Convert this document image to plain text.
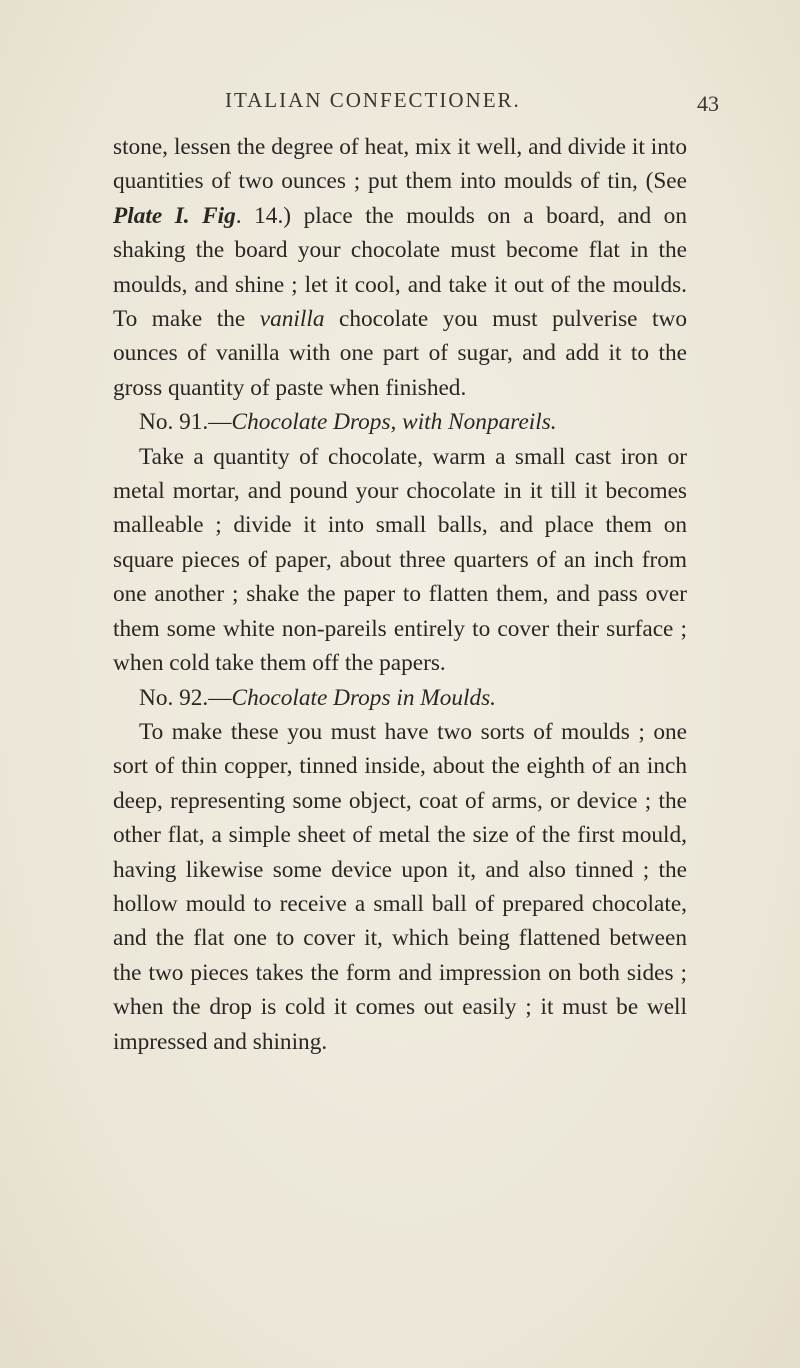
ITALIAN CONFECTIONER.	43

stone, lessen the degree of heat, mix it well, and divide it into quantities of two ounces ; put them into moulds of tin, (See Plate I. Fig. 14.) place the moulds on a board, and on shaking the board your chocolate must become flat in the moulds, and shine ; let it cool, and take it out of the moulds. To make the vanilla chocolate you must pulverise two ounces of vanilla with one part of sugar, and add it to the gross quantity of paste when finished.

No. 91.—Chocolate Drops, with Nonpareils.

Take a quantity of chocolate, warm a small cast iron or metal mortar, and pound your chocolate in it till it becomes malleable ; divide it into small balls, and place them on square pieces of paper, about three quarters of an inch from one another ; shake the paper to flatten them, and pass over them some white non-pareils entirely to cover their surface ; when cold take them off the papers.

No. 92.—Chocolate Drops in Moulds.

To make these you must have two sorts of moulds ; one sort of thin copper, tinned inside, about the eighth of an inch deep, representing some object, coat of arms, or device ; the other flat, a simple sheet of metal the size of the first mould, having likewise some device upon it, and also tinned ; the hollow mould to receive a small ball of prepared chocolate, and the flat one to cover it, which being flattened between the two pieces takes the form and impression on both sides ; when the drop is cold it comes out easily ; it must be well impressed and shining.
